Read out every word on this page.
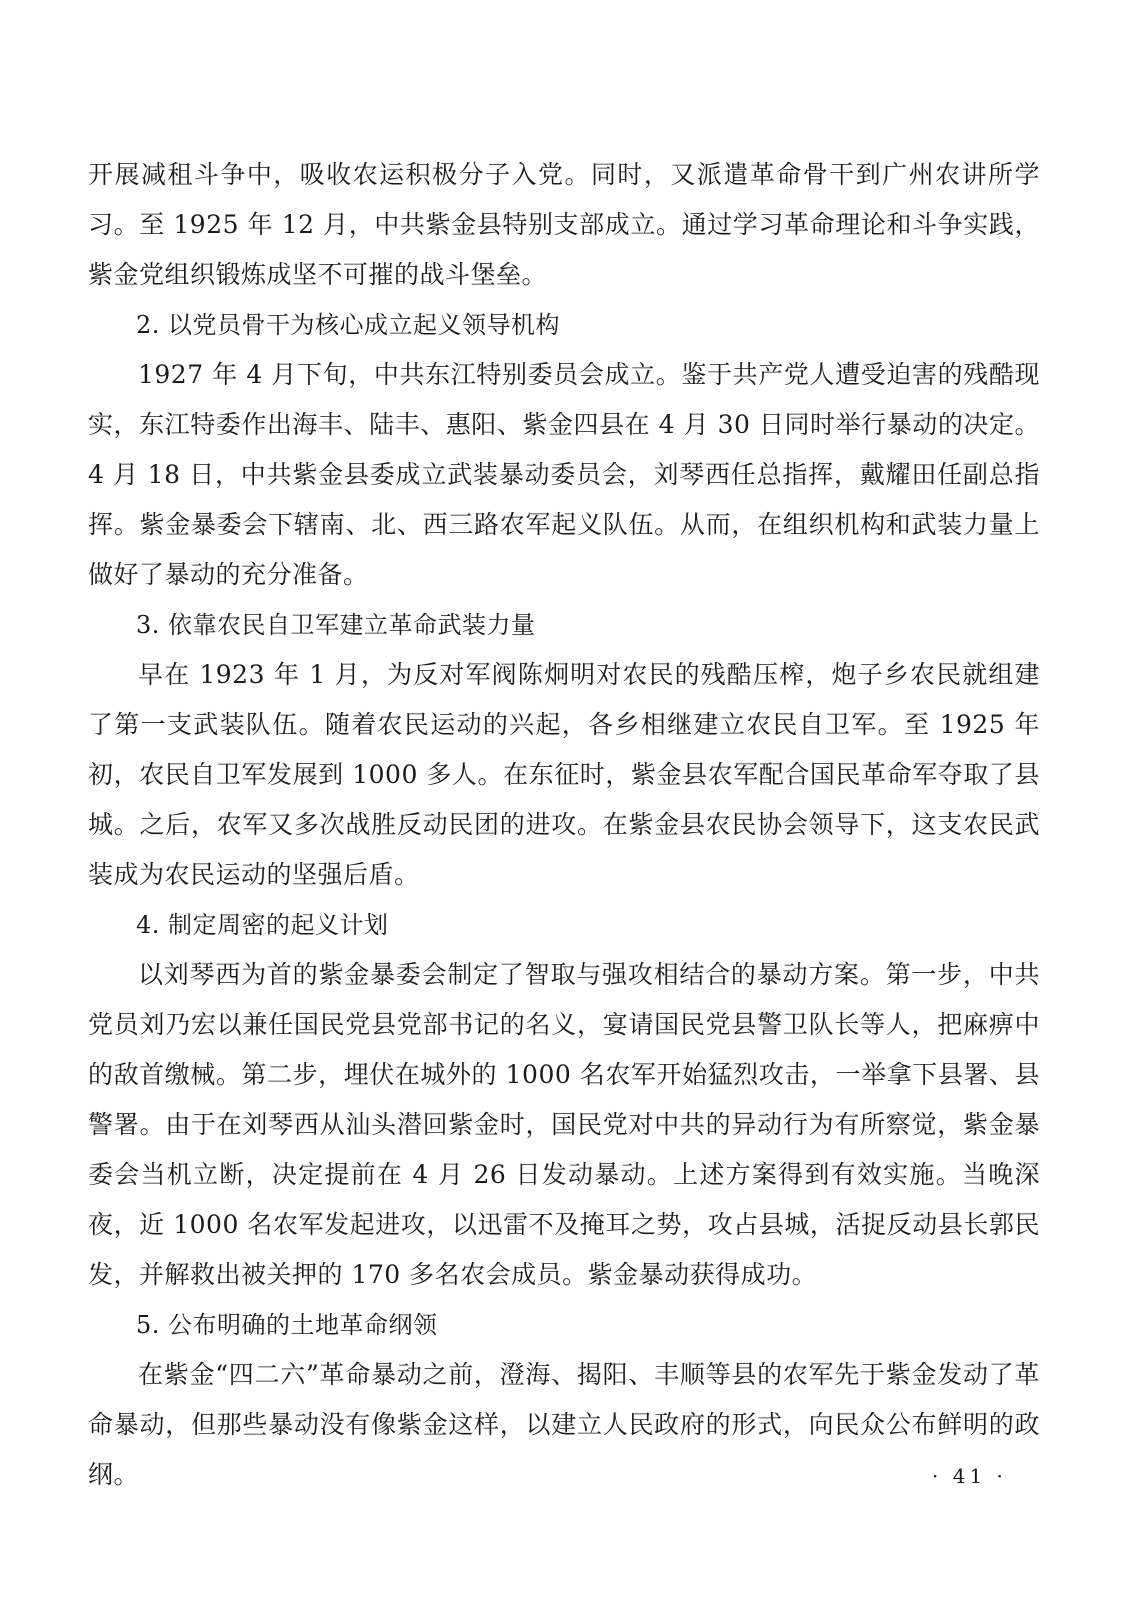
开展减租斗争中，吸收农运积极分子入党。同时，又派遣革命骨干到广州农讲所学习。至 1925 年 12 月，中共紫金县特别支部成立。通过学习革命理论和斗争实践，紫金党组织锻炼成坚不可摧的战斗堡垒。

2. 以党员骨干为核心成立起义领导机构

1927 年 4 月下旬，中共东江特别委员会成立。鉴于共产党人遭受迫害的残酷现实，东江特委作出海丰、陆丰、惠阳、紫金四县在 4 月 30 日同时举行暴动的决定。4 月 18 日，中共紫金县委成立武装暴动委员会，刘琴西任总指挥，戴耀田任副总指挥。紫金暴委会下辖南、北、西三路农军起义队伍。从而，在组织机构和武装力量上做好了暴动的充分准备。

3. 依靠农民自卫军建立革命武装力量

早在 1923 年 1 月，为反对军阀陈炯明对农民的残酷压榨，炮子乡农民就组建了第一支武装队伍。随着农民运动的兴起，各乡相继建立农民自卫军。至 1925 年初，农民自卫军发展到 1000 多人。在东征时，紫金县农军配合国民革命军夺取了县城。之后，农军又多次战胜反动民团的进攻。在紫金县农民协会领导下，这支农民武装成为农民运动的坚强后盾。

4. 制定周密的起义计划

以刘琴西为首的紫金暴委会制定了智取与强攻相结合的暴动方案。第一步，中共党员刘乃宏以兼任国民党县党部书记的名义，宴请国民党县警卫队长等人，把麻痹中的敌首缴械。第二步，埋伏在城外的 1000 名农军开始猛烈攻击，一举拿下县署、县警署。由于在刘琴西从汕头潜回紫金时，国民党对中共的异动行为有所察觉，紫金暴委会当机立断，决定提前在 4 月 26 日发动暴动。上述方案得到有效实施。当晚深夜，近 1000 名农军发起进攻，以迅雷不及掩耳之势，攻占县城，活捉反动县长郭民发，并解救出被关押的 170 多名农会成员。紫金暴动获得成功。

5. 公布明确的土地革命纲领

在紫金“四二六”革命暴动之前，澄海、揭阳、丰顺等县的农军先于紫金发动了革命暴动，但那些暴动没有像紫金这样，以建立人民政府的形式，向民众公布鲜明的政纲。	· 41 ·
